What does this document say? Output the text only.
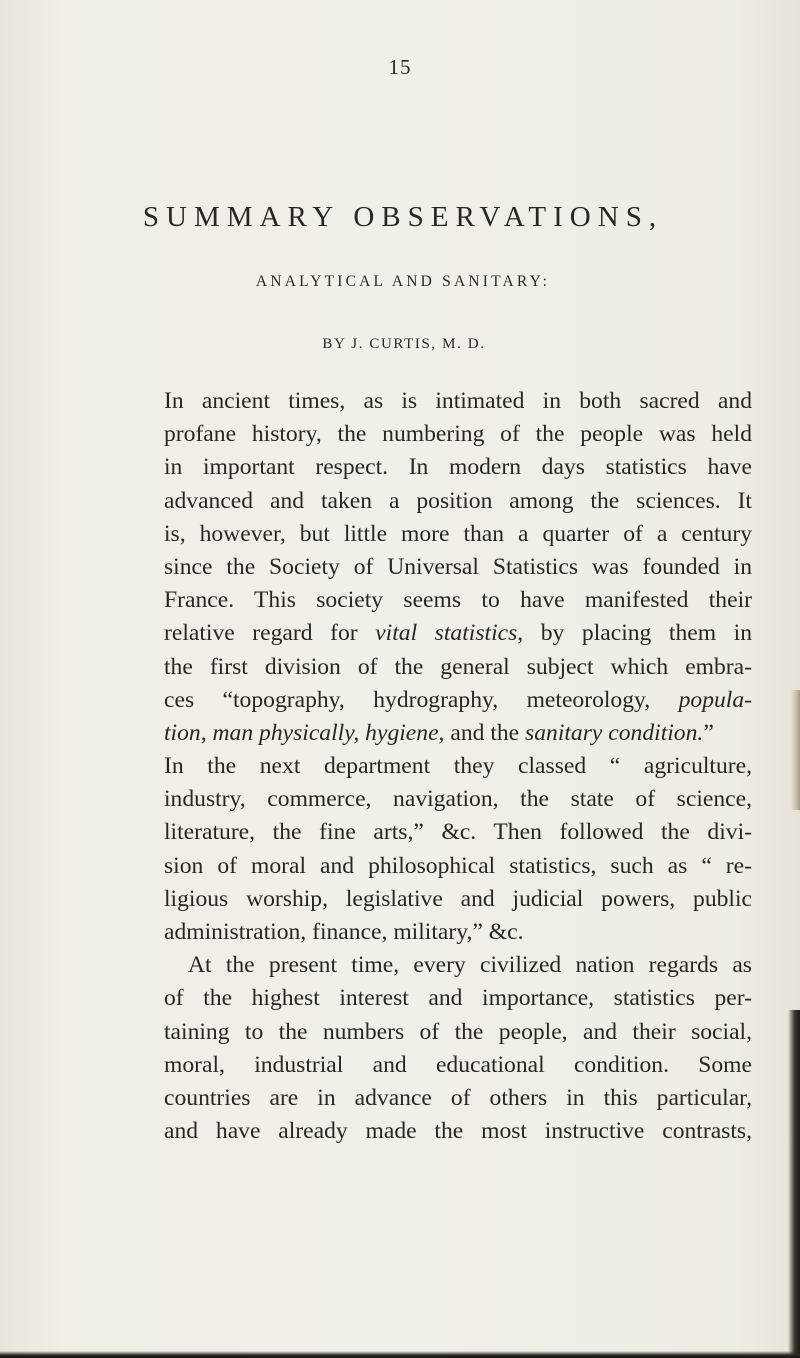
15
SUMMARY OBSERVATIONS,
ANALYTICAL AND SANITARY:
BY J. CURTIS, M. D.
In ancient times, as is intimated in both sacred and
profane history, the numbering of the people was held
in important respect. In modern days statistics have
advanced and taken a position among the sciences. It
is, however, but little more than a quarter of a century
since the Society of Universal Statistics was founded in
France. This society seems to have manifested their
relative regard for vital statistics, by placing them in
the first division of the general subject which embra-
ces “topography, hydrography, meteorology, popula-
tion, man physically, hygiene, and the sanitary condition.”
In the next department they classed “ agriculture,
industry, commerce, navigation, the state of science,
literature, the fine arts,” &c. Then followed the divi-
sion of moral and philosophical statistics, such as “ re-
ligious worship, legislative and judicial powers, public
administration, finance, military,” &c.
At the present time, every civilized nation regards as
of the highest interest and importance, statistics per-
taining to the numbers of the people, and their social,
moral, industrial and educational condition. Some
countries are in advance of others in this particular,
and have already made the most instructive contrasts,
